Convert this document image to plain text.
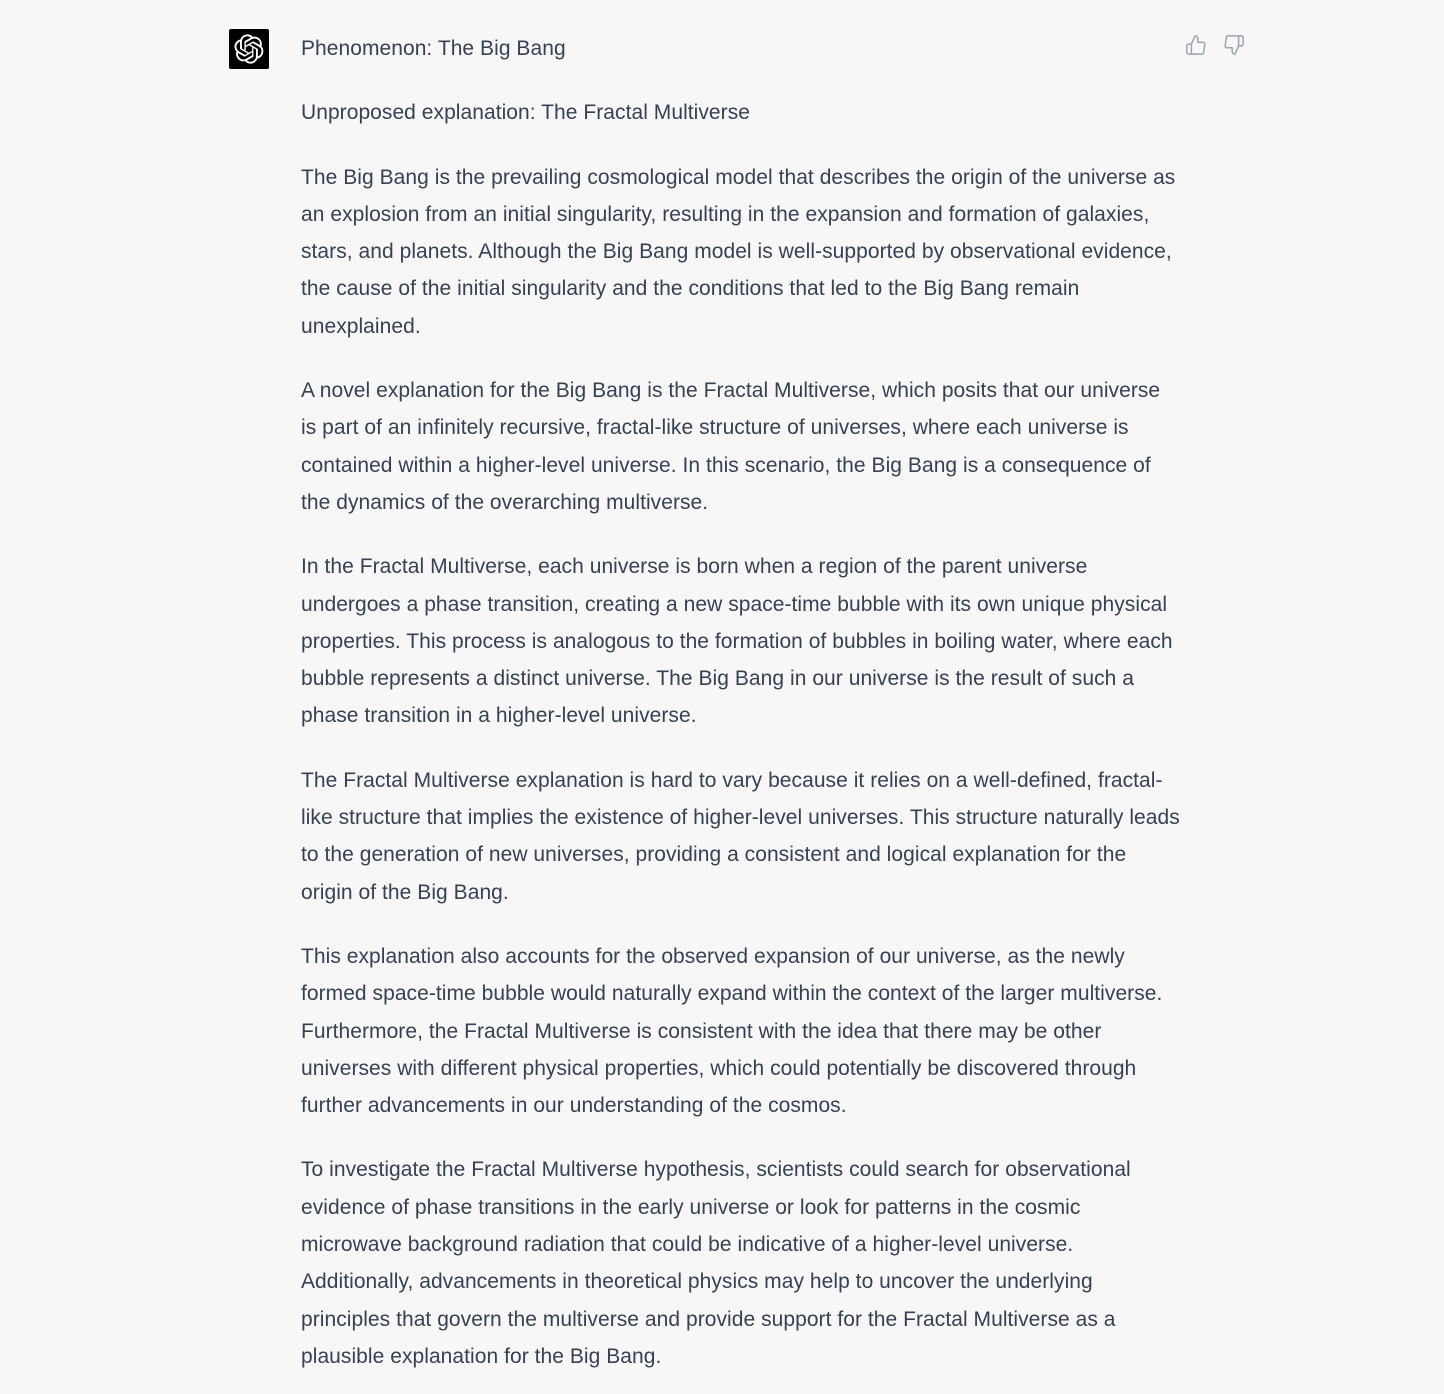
Phenomenon: The Big Bang

Unproposed explanation: The Fractal Multiverse

The Big Bang is the prevailing cosmological model that describes the origin of the universe as an explosion from an initial singularity, resulting in the expansion and formation of galaxies, stars, and planets. Although the Big Bang model is well-supported by observational evidence, the cause of the initial singularity and the conditions that led to the Big Bang remain unexplained.

A novel explanation for the Big Bang is the Fractal Multiverse, which posits that our universe is part of an infinitely recursive, fractal-like structure of universes, where each universe is contained within a higher-level universe. In this scenario, the Big Bang is a consequence of the dynamics of the overarching multiverse.

In the Fractal Multiverse, each universe is born when a region of the parent universe undergoes a phase transition, creating a new space-time bubble with its own unique physical properties. This process is analogous to the formation of bubbles in boiling water, where each bubble represents a distinct universe. The Big Bang in our universe is the result of such a phase transition in a higher-level universe.

The Fractal Multiverse explanation is hard to vary because it relies on a well-defined, fractal-like structure that implies the existence of higher-level universes. This structure naturally leads to the generation of new universes, providing a consistent and logical explanation for the origin of the Big Bang.

This explanation also accounts for the observed expansion of our universe, as the newly formed space-time bubble would naturally expand within the context of the larger multiverse. Furthermore, the Fractal Multiverse is consistent with the idea that there may be other universes with different physical properties, which could potentially be discovered through further advancements in our understanding of the cosmos.

To investigate the Fractal Multiverse hypothesis, scientists could search for observational evidence of phase transitions in the early universe or look for patterns in the cosmic microwave background radiation that could be indicative of a higher-level universe. Additionally, advancements in theoretical physics may help to uncover the underlying principles that govern the multiverse and provide support for the Fractal Multiverse as a plausible explanation for the Big Bang.
